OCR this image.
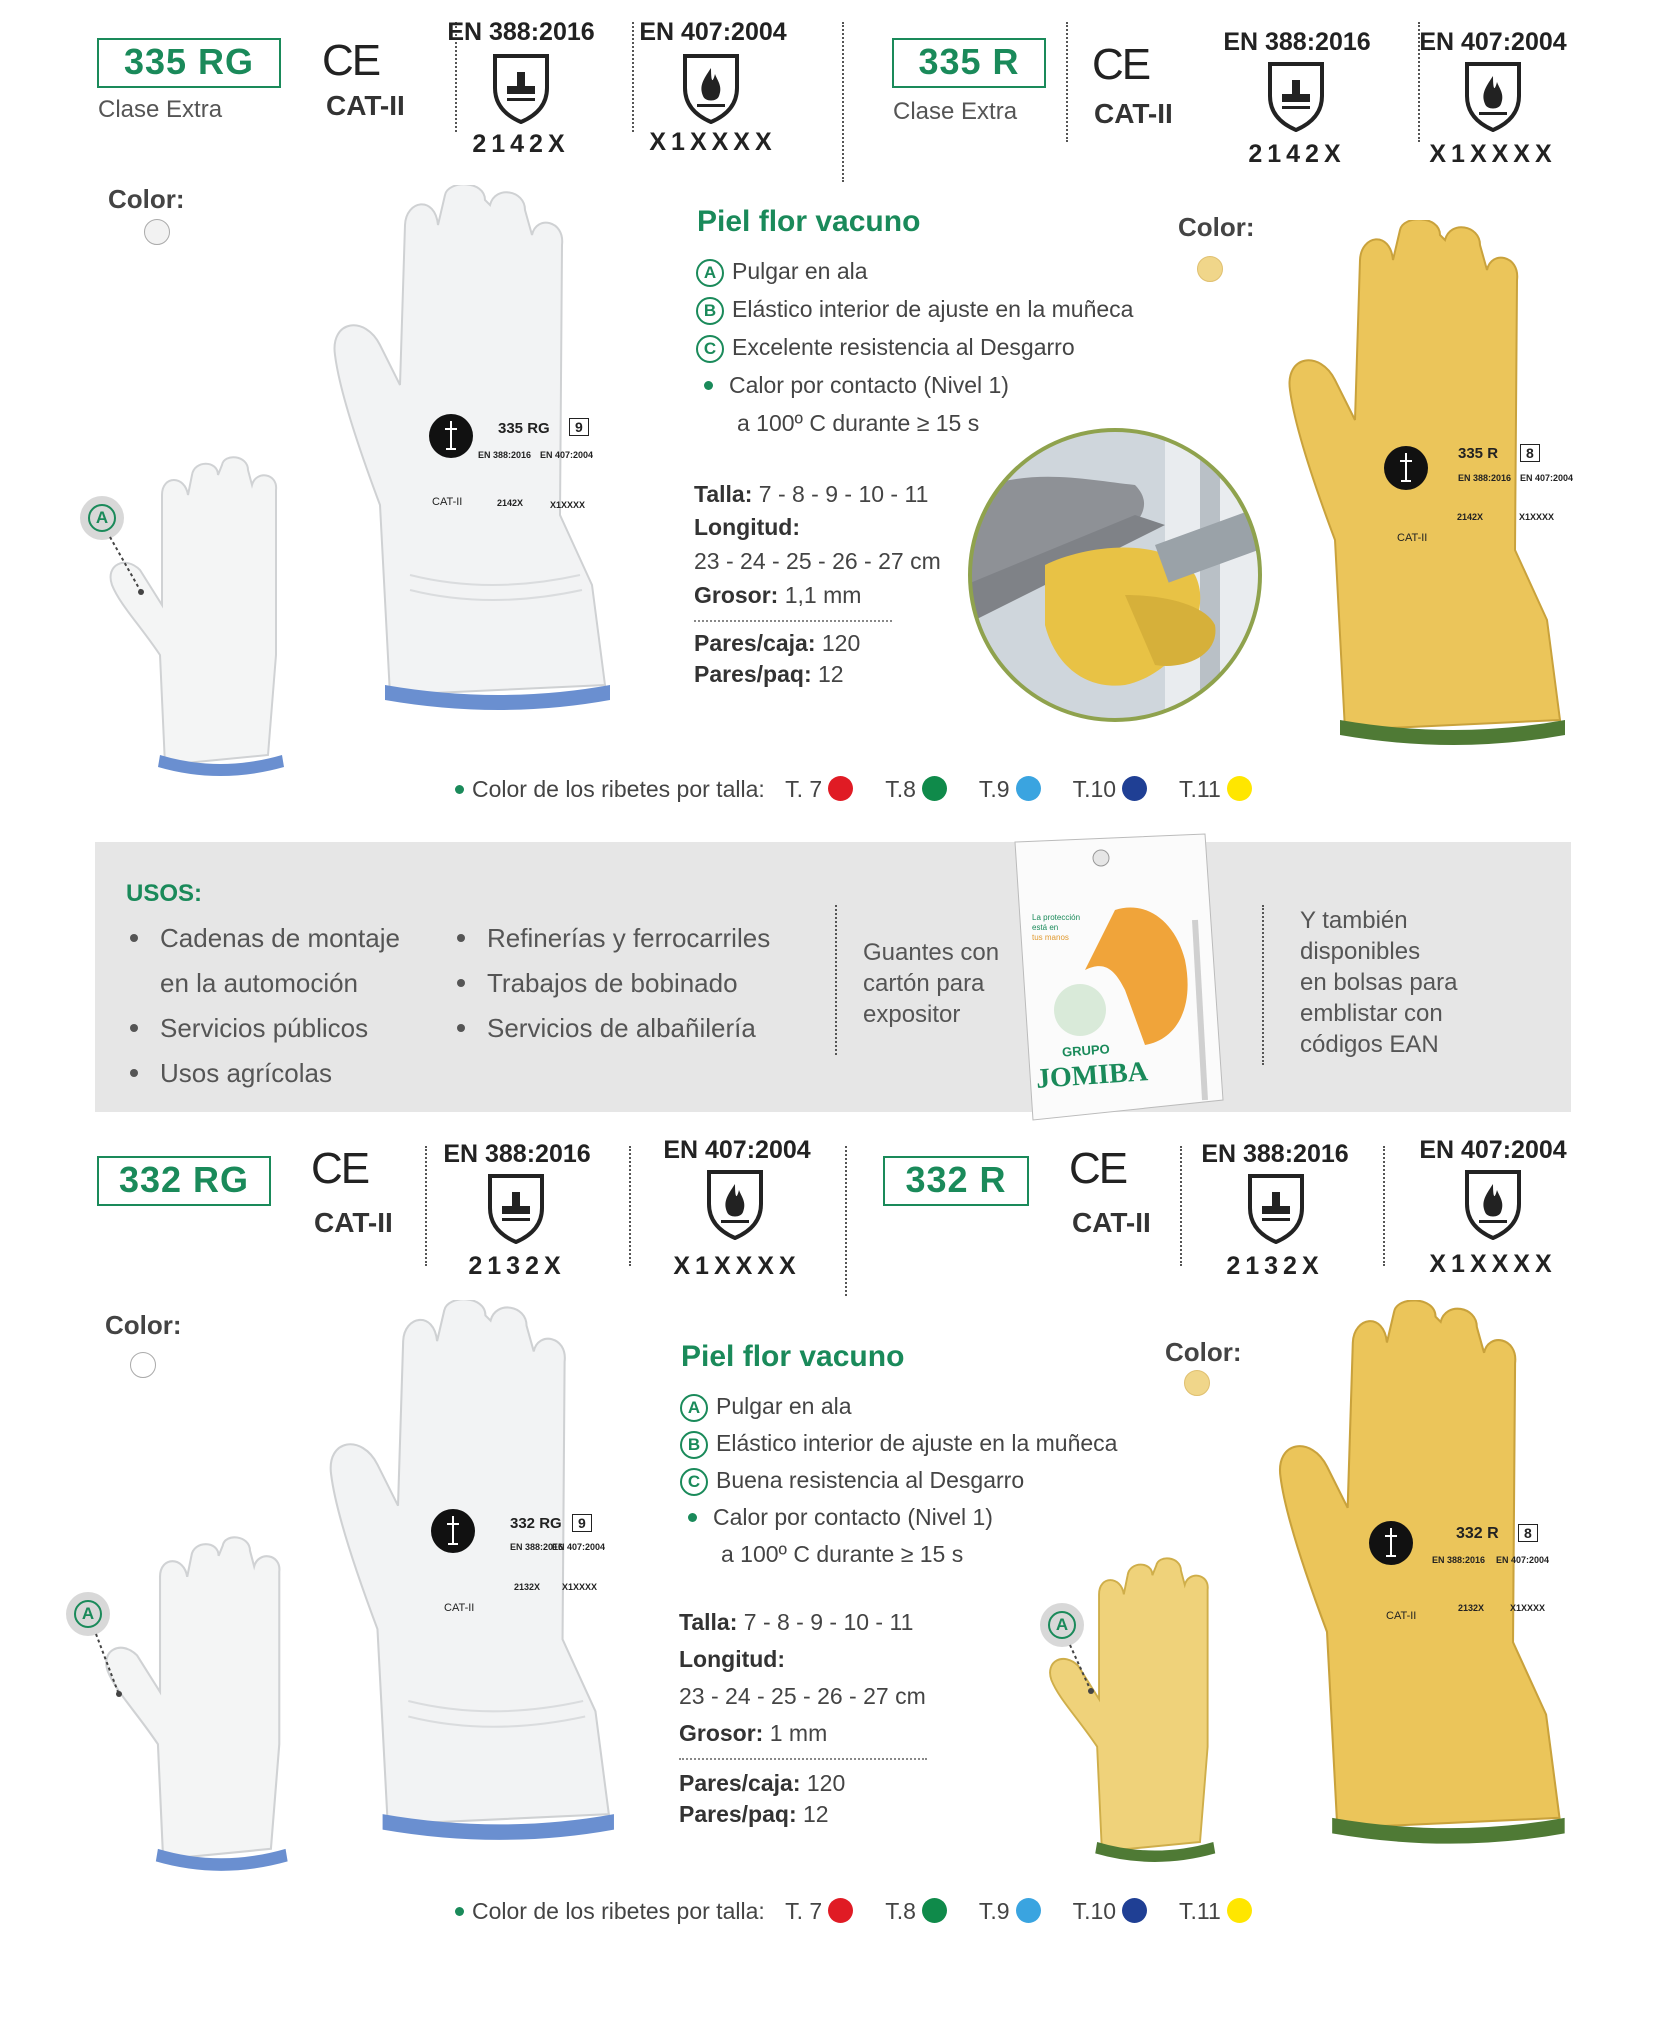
335 RG
Clase Extra
CE
CAT-II
EN 388:2016
2142X
EN 407:2004
X1XXXX
335 R
Clase Extra
CE
CAT-II
EN 388:2016
2142X
EN 407:2004
X1XXXX
Color:
A
335 RG	9
EN 388:2016 EN 407:2004
CAT-II	2142X	X1XXXX
Piel flor vacuno
A Pulgar en ala
B Elástico interior de ajuste en la muñeca
C Excelente resistencia al Desgarro
Calor por contacto (Nivel 1)
a 100º C durante ≥ 15 s
Talla: 7 - 8 - 9 - 10 - 11
Longitud:
23 - 24 - 25 - 26 - 27 cm
Grosor: 1,1 mm
Pares/caja: 120
Pares/paq: 12
Color:
335 R	8
EN 388:2016 EN 407:2004
CAT-II
2142X	X1XXXX
Color de los ribetes por talla: T. 7	T.8	T.9	T.10	T.11
USOS:
Cadenas de montaje
en la automoción
Servicios públicos
Usos agrícolas
Refinerías y ferrocarriles
Trabajos de bobinado
Servicios de albañilería
Guantes con
cartón para
expositor
La protección
está en
tus manos
GRUPO
JOMIBA
Y también
disponibles
en bolsas para
emblistar con
códigos EAN
332 RG	CE
CAT-II
EN 388:2016
2132X
EN 407:2004
X1XXXX
332 R	CE
CAT-II
EN 388:2016
2132X
EN 407:2004
X1XXXX
Color:
A
332 RG	9
EN 388:2016
EN 407:2004
CAT-II
2132X X1XXXX
Piel flor vacuno
A Pulgar en ala
B Elástico interior de ajuste en la muñeca
C Buena resistencia al Desgarro
Calor por contacto (Nivel 1)
a 100º C durante ≥ 15 s
Talla: 7 - 8 - 9 - 10 - 11
Longitud:
23 - 24 - 25 - 26 - 27 cm
Grosor: 1 mm
Pares/caja: 120
Pares/paq: 12
Color:
A
332 R	8
EN 388:2016 EN 407:2004
CAT-II
2132X	X1XXXX
Color de los ribetes por talla: T. 7	T.8	T.9	T.10	T.11
